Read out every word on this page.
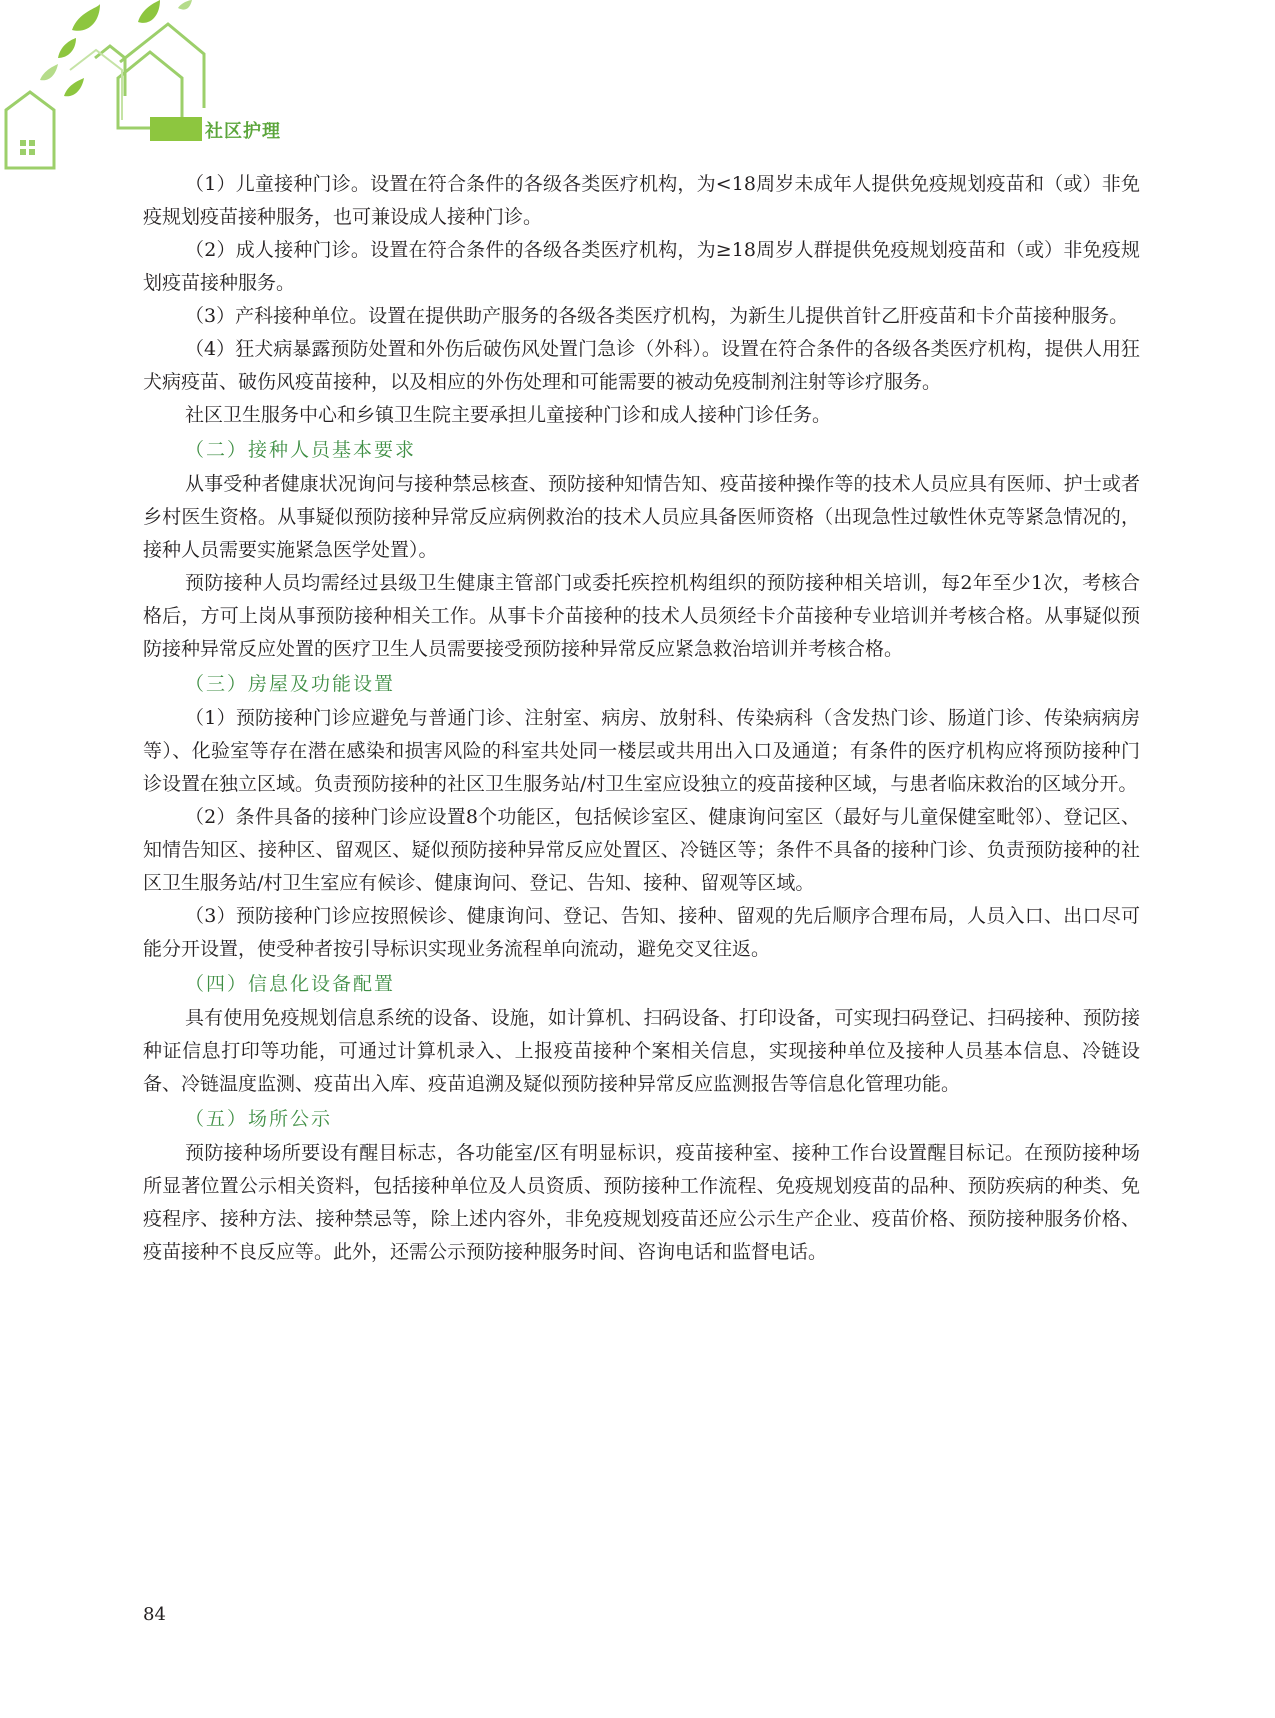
社区护理

（1）儿童接种门诊。设置在符合条件的各级各类医疗机构，为<18周岁未成年人提供免疫规划疫苗和（或）非免疫规划疫苗接种服务，也可兼设成人接种门诊。

（2）成人接种门诊。设置在符合条件的各级各类医疗机构，为≥18周岁人群提供免疫规划疫苗和（或）非免疫规划疫苗接种服务。

（3）产科接种单位。设置在提供助产服务的各级各类医疗机构，为新生儿提供首针乙肝疫苗和卡介苗接种服务。

（4）狂犬病暴露预防处置和外伤后破伤风处置门急诊（外科）。设置在符合条件的各级各类医疗机构，提供人用狂犬病疫苗、破伤风疫苗接种，以及相应的外伤处理和可能需要的被动免疫制剂注射等诊疗服务。

社区卫生服务中心和乡镇卫生院主要承担儿童接种门诊和成人接种门诊任务。

（二）接种人员基本要求

从事受种者健康状况询问与接种禁忌核查、预防接种知情告知、疫苗接种操作等的技术人员应具有医师、护士或者乡村医生资格。从事疑似预防接种异常反应病例救治的技术人员应具备医师资格（出现急性过敏性休克等紧急情况的，接种人员需要实施紧急医学处置）。

预防接种人员均需经过县级卫生健康主管部门或委托疾控机构组织的预防接种相关培训，每2年至少1次，考核合格后，方可上岗从事预防接种相关工作。从事卡介苗接种的技术人员须经卡介苗接种专业培训并考核合格。从事疑似预防接种异常反应处置的医疗卫生人员需要接受预防接种异常反应紧急救治培训并考核合格。

（三）房屋及功能设置

（1）预防接种门诊应避免与普通门诊、注射室、病房、放射科、传染病科（含发热门诊、肠道门诊、传染病病房等）、化验室等存在潜在感染和损害风险的科室共处同一楼层或共用出入口及通道；有条件的医疗机构应将预防接种门诊设置在独立区域。负责预防接种的社区卫生服务站/村卫生室应设独立的疫苗接种区域，与患者临床救治的区域分开。

（2）条件具备的接种门诊应设置8个功能区，包括候诊室区、健康询问室区（最好与儿童保健室毗邻）、登记区、知情告知区、接种区、留观区、疑似预防接种异常反应处置区、冷链区等；条件不具备的接种门诊、负责预防接种的社区卫生服务站/村卫生室应有候诊、健康询问、登记、告知、接种、留观等区域。

（3）预防接种门诊应按照候诊、健康询问、登记、告知、接种、留观的先后顺序合理布局，人员入口、出口尽可能分开设置，使受种者按引导标识实现业务流程单向流动，避免交叉往返。

（四）信息化设备配置

具有使用免疫规划信息系统的设备、设施，如计算机、扫码设备、打印设备，可实现扫码登记、扫码接种、预防接种证信息打印等功能，可通过计算机录入、上报疫苗接种个案相关信息，实现接种单位及接种人员基本信息、冷链设备、冷链温度监测、疫苗出入库、疫苗追溯及疑似预防接种异常反应监测报告等信息化管理功能。

（五）场所公示

预防接种场所要设有醒目标志，各功能室/区有明显标识，疫苗接种室、接种工作台设置醒目标记。在预防接种场所显著位置公示相关资料，包括接种单位及人员资质、预防接种工作流程、免疫规划疫苗的品种、预防疾病的种类、免疫程序、接种方法、接种禁忌等，除上述内容外，非免疫规划疫苗还应公示生产企业、疫苗价格、预防接种服务价格、疫苗接种不良反应等。此外，还需公示预防接种服务时间、咨询电话和监督电话。

84
